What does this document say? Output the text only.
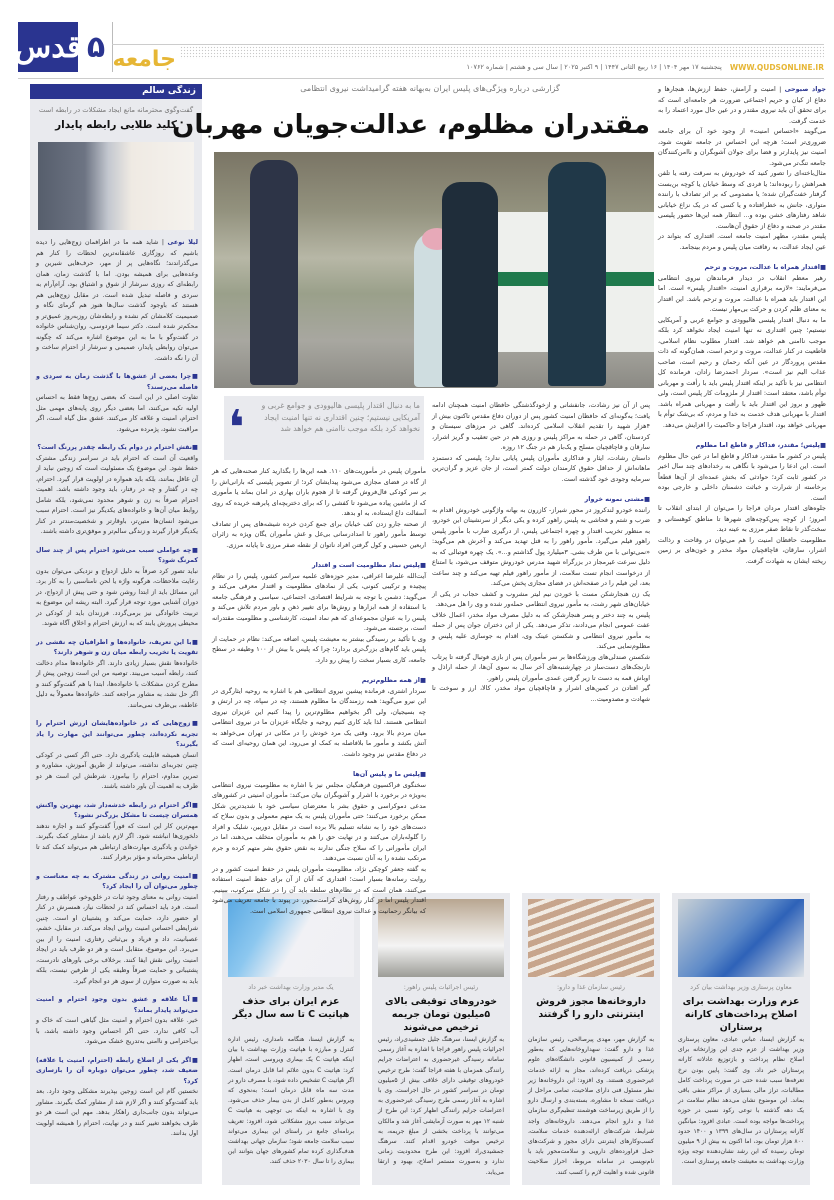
قدس ۵ جامعه	WWW.QUDSONLINE.IR
پنجشنبه ۱۷ مهر ۱۴۰۴ | ۱۶ ربیع الثانی ۱۴۴۷ | ۹ اکتبر ۲۰۲۵ | سال سی و هشتم | شماره ۱۰۷۶۲
زندگی سالم
گفت‌وگوی محترمانه مانع ایجاد مشکلات در رابطه است
کلید طلایی رابطه پایدار

لیلا نوعی | شاید همه ما در اطرافمان زوج‌هایی را دیده باشیم که روزگاری عاشقانه‌ترین لحظات را کنار هم می‌گذراندند؛ نگاه‌هایی پر از مهر، حرف‌هایی شیرین و وعده‌هایی برای همیشه بودن. اما با گذشت زمان، همان رابطه‌ای که روزی سرشار از شوق و اشتیاق بود، آرام‌آرام به سردی و فاصله تبدیل شده است. در مقابل زوج‌هایی هم هستند که باوجود گذشت سال‌ها هنوز هم گرمای نگاه و صمیمیت کلامشان کم نشده و رابطه‌شان روزبه‌روز عمیق‌تر و محکم‌تر شده است. دکتر سیما فردوسی، روان‌شناس خانواده در گفت‌وگو با ما به این موضوع اشاره می‌کند که چگونه می‌توان روابطی پایدار، صمیمی و سرشار از احترام ساخت و آن را نگه داشت.

■چرا بعضی از عشق‌ها با گذشت زمان به سردی و فاصله می‌رسند؟

تفاوت اصلی در این است که بعضی زوج‌ها فقط به احساس اولیه تکیه می‌کنند، اما بعضی دیگر روی پایه‌های مهمی مثل احترام، امنیت و علاقه کار می‌کنند. عشق مثل گیاه است، اگر مراقبت نشود، پژمرده می‌شود.

■نقش احترام در دوام یک رابطه چقدر پررنگ است؟

واقعیت آن است که احترام باید در سراسر زندگی مشترک حفظ شود. این موضوع یک مسئولیت است که زوجین نباید از آن غافل بمانند، بلکه باید همواره در اولویت قرار گیرد. احترام، چه در گفتار و چه در رفتار، باید وجود داشته باشد. اهمیت احترام صرفاً به زن و شوهر محدود نمی‌شود، بلکه شامل روابط میان آن‌ها و خانواده‌های یکدیگر نیز است. احترام سبب می‌شود انسان‌ها متین‌تر، باوقارتر و شخصیت‌مندتر در کنار یکدیگر قرار گیرند و زندگی سالم‌تر و موفق‌تری داشته باشند.

■چه عواملی سبب می‌شود احترام پس از چند سال کمرنگ شود؟

نباید تصور کرد صرفاً به دلیل ازدواج و نزدیکی می‌توان بدون رعایت ملاحظات، هرگونه واژه یا لحن نامناسبی را به کار برد. این مسائل باید از ابتدا روشن شود و حتی پیش از ازدواج، در دوران آشنایی مورد توجه قرار گیرد. البته ریشه این موضوع به تربیت خانوادگی نیز برمی‌گردد. فرزندان باید از کودکی در محیطی پرورش یابند که به ارزش احترام و اخلاق آگاه شوند.

■با این تعریف، خانواده‌ها و اطرافیان چه نقشی در تقویت یا تخریب رابطه میان زن و شوهر دارند؟

خانواده‌ها نقش بسیار زیادی دارند. اگر خانواده‌ها مدام دخالت کنند، رابطه آسیب می‌بیند. توصیه من این است زوجین پیش از مطرح کردن مشکلات با خانواده‌ها، ابتدا با هم گفت‌وگو کنند و اگر حل نشد، به مشاور مراجعه کنند. خانواده‌ها معمولاً به دلیل عاطفه، بی‌طرف نمی‌مانند.

■زوج‌هایی که در خانواده‌هایشان ارزش احترام را تجربه نکرده‌اند، چطور می‌توانند این مهارت را یاد بگیرند؟

انسان همیشه قابلیت یادگیری دارد. حتی اگر کسی در کودکی چنین تجربه‌ای نداشته، می‌تواند از طریق آموزش، مشاوره و تمرین مداوم، احترام را بیاموزد. شرطش این است هر دو طرف به اهمیت آن باور داشته باشند.

■اگر احترام در رابطه خدشه‌دار شد، بهترین واکنش همسران چیست تا مشکل بزرگ‌تر نشود؟

مهم‌ترین کار این است که فوراً گفت‌وگو کنند و اجازه ندهند دلخوری‌ها انباشته شود. اگر لازم باشد از مشاور کمک بگیرند. خواندن و یادگیری مهارت‌های ارتباطی هم می‌تواند کمک کند تا ارتباطی محترمانه و مؤثر برقرار کنند.

■امنیت روانی در زندگی مشترک به چه معناست و چطور می‌توان آن را ایجاد کرد؟

امنیت روانی به معنای وجود ثبات در خلق‌وخو، عواطف و رفتار است. فرد باید احساس کند در لحظات نیاز، همسرش در کنار او حضور دارد، حمایت می‌کند و پشتیبان او است. چنین شرایطی احساس امنیت روانی ایجاد می‌کند. در مقابل، خشم، عصبانیت، داد و فریاد و بی‌ثباتی رفتاری، امنیت را از بین می‌برد. این موضوع، متقابل است و هر دو طرف باید در ایجاد امنیت روانی نقش ایفا کنند. برخلاف برخی باورهای نادرست، پشتیبانی و حمایت صرفاً وظیفه یکی از طرفین نیست، بلکه باید به صورت متوازن از سوی هر دو انجام گیرد.

■آیا علاقه و عشق بدون وجود احترام و امنیت می‌تواند پایدار بماند؟

خیر. علاقه بدون احترام و امنیت مثل گیاهی است که خاک و آب کافی ندارد. حتی اگر احساس وجود داشته باشد، با بی‌احترامی و ناامنی به‌تدریج خشک می‌شود.

■اگر یکی از اضلاع رابطه (احترام، امنیت یا علاقه) ضعیف شد، چطور می‌توان دوباره آن را بازسازی کرد؟

نخستین گام این است زوجین بپذیرند مشکلی وجود دارد. بعد باید گفت‌وگو کنند و اگر لازم شد از مشاور کمک بگیرند. مشاور می‌تواند بدون جانب‌داری راهکار بدهد. مهم این است هر دو طرف بخواهند تغییر کنند و در نهایت، احترام را همیشه اولویت اول بدانند.

گزارشی درباره ویژگی‌های پلیس ایران به‌بهانه هفته گرامیداشت نیروی انتظامی
مقتدران مظلوم، عدالت‌جویان مهربان
❛	ما به دنبال اقتدار پلیسی هالیوودی و جوامع غربی و آمریکایی نیستیم؛ چنین اقتداری نه تنها امنیت ایجاد نخواهد کرد بلکه موجب ناامنی هم خواهد شد

جواد صبوحی | امنیت و آرامش، حفظ ارزش‌ها، هنجارها و دفاع از کیان و حریم اجتماعی ضرورت هر جامعه‌ای است که برای تحقق آن باید نیروی مقتدر و در عین حال مورد اعتماد را به خدمت گرفت.

می‌گویند «احساس امنیت» از وجود خود آن برای جامعه ضروری‌تر است؛ هرچه این احساس در جامعه تقویت شود، امنیت نیز پایدارتر و فضا برای جولان آشوبگران و ناامن‌کنندگان جامعه تنگ‌تر می‌شود.

مثال‌باخته‌ای را تصور کنید که خودروش به سرقت رفته یا تلفن همراهش را ربوده‌اند؛ یا فردی که وسط خیابان یا کوچه بن‌بست گرفتار خفت‌گیران شده؛ یا مصدومی که بر اثر تصادف با راننده متواری، جانش به خطرافتاده و یا کسی که در یک نزاع خیابانی شاهد رفتارهای خشن بوده و... انتظار همه این‌ها حضور پلیسی مقتدر در صحنه و دفاع از حقوق آن‌هاست.

پلیس مقتدر، مظهر امنیت جامعه است. اقتداری که بتواند در عین ایجاد عدالت، به رفاقت میان پلیس و مردم بینجامد.

■اقتدار همراه با عدالت، مروت و ترحم

رهبر معظم انقلاب در دیدار فرماندهان نیروی انتظامی می‌فرمایند: «لازمه برقراری امنیت، «اقتدار پلیس» است. اما این اقتدار باید همراه با عدالت، مروت و ترحم باشد. این اقتدار به معنای ظلم کردن و حرکت بی‌مهار نیست.

ما به دنبال اقتدار پلیسی هالیوودی و جوامع غربی و آمریکایی نیستیم؛ چنین اقتداری نه تنها امنیت ایجاد نخواهد کرد بلکه موجب ناامنی هم خواهد شد. اقتدار مطلوب نظام اسلامی، قاطعیت در کنار عدالت، مروت و ترحم است، همان‌گونه که ذات مقدس پروردگار در عین آنکه رحمان و رحیم است، صاحب عذاب الیم نیز است». سردار احمدرضا رادان، فرمانده کل انتظامی نیز با تأکید بر اینکه اقتدار پلیس باید با رأفت و مهربانی توأم باشد، معتقد است: اقتدار از ملزومات کار پلیس است، ولی ظهور و بروز این اقتدار باید با رأفت و مهربانی همراه باشد. اقتدار با مهربانی هدف خدمت به خدا و مردم، که بی‌شک توأم با مهربانی خواهد بود، اقتدار فراجا و حاکمیت را افزایش می‌دهد.

■پلیس؛ مقتدر، فداکار و قاطع اما مظلوم

پلیس در کشور ما مقتدر، فداکار و قاطع اما در عین حال مظلوم است. این ادعا را می‌شود با نگاهی به رخدادهای چند سال اخیر در کشور ثابت کرد؛ حوادثی که بخش عمده‌ای از آن‌ها قطعاً برخاسته از شرارت و خباثت دشمنان داخلی و خارجی بوده است.

جلوه‌های اقتدار مردان فراجا را می‌توان از ابتدای انقلاب تا امروز؛ از کوچه پس‌کوچه‌های شهرها تا مناطق کوهستانی و سخت‌گذر تا نقاط صفر مرزی به عینه دید.

مظلومیت حافظان امنیت را هم می‌توان در وقاحت و رذالت اشرار، سارقان، قاچاقچیان مواد مخدر و خون‌های بر زمین ریخته ایشان به شهادت گرفت.

پس از آن نیز رشادت، جانفشانی و ازخودگذشتگی حافظان امنیت همچنان ادامه یافت؛ به‌گونه‌ای که حافظان امنیت کشور پس از دوران دفاع مقدس تاکنون بیش از ۴هزار شهید را تقدیم انقلاب اسلامی کرده‌اند. گاهی در مرزهای سیستان و کردستان، گاهی در حمله به مراکز پلیس و روزی هم در حین تعقیب و گریز اشرار، سارقان و قاچاقچیان مسلح و یک‌بار هم در جنگ ۱۲ روزه.

داستان رشادت، ایثار و فداکاری مأموران پلیس پایانی ندارد؛ پلیسی که دستمزد ماهانه‌اش از حداقل حقوق کارمندان دولت کمتر است، از جان عزیز و گران‌ترین سرمایه وجودی خود گذشته است.

■مشتی نمونه خروار

راننده خودرو لندکروز در محور شیراز- کازرون به بهانه واژگونی خودروش اقدام به ضرب و شتم و فحاشی به پلیس راهور کرده و یکی دیگر از سرنشینان این خودرو، به منظور تخریب اقتدار و چهره اجتماعی پلیس، از درگیری ضارب با مأمور پلیس راهور فیلم می‌گیرد. مأمور راهور را به قتل تهدید می‌کند و آخرش هم می‌گوید: «نمی‌توانی با من طرف بشی. ۳میلیارد پول گذاشتم و...». یک چهره فوتبالی که به دلیل سرعت غیرمجاز در بزرگراه شهید مدرس خودروش متوقف می‌شود، با امتناع از درخواست انجام تست سلامت، از مأمور راهور فیلم تهیه می‌کند و چند ساعت بعد، این فیلم را در صفحه‌اش در فضای مجازی پخش می‌کند.

یک زن هنجارشکن مست با خوردن نیم لیتر مشروب و کشف حجاب در یکی از خیابان‌های شهر رشت، به مأمور نیروی انتظامی حمله‌ور شده و وی را هل می‌دهد.

پلیس به چند دختر و پسر هنجارشکن که به دلیل مصرف مواد مخدر، اعمال خلاف عفت عمومی انجام می‌دادند، تذکر می‌دهد. یکی از این دختران جوان پس از حمله به مأمور نیروی انتظامی و شکستن عینک وی، اقدام به جوسازی علیه پلیس و مظلوم‌نمایی می‌کند.

شکستن صندلی‌های ورزشگاه‌ها بر سر مأموران پس از بازی فوتبال گرفته تا پرتاب نارنجک‌های دست‌ساز در چهارشنبه‌های آخر سال به سوی آن‌ها، از حمله اراذل و اوباش قمه به دست تا زیر گرفتن عمدی مأموران پلیس راهور.

گیر افتادن در کمین‌های اشرار و قاچاقچیان مواد مخدر، کالا، ارز و سوخت تا شهادت و مصدومیت...

مأموران پلیس در مأموریت‌های ۱۱۰. همه این‌ها را بگذارید کنار صحنه‌هایی که هر از گاه در فضای مجازی می‌شود پیدایشان کرد؛ از تصویر پلیسی که بارانی‌اش را بر سر کودکی فال‌فروش گرفته تا از هجوم باران بهاری در امان بماند یا مأموری که از ماشین پیاده می‌شود تا کفشی را که برای دختربچه‌ای پابرهنه خریده که روی آسفالت داغ ایستاده، به او بدهد.

از صحنه جارو زدن کف خیابان برای جمع کردن خرده شیشه‌های پس از تصادف توسط مأمور راهور تا امدادرسانی بی‌غل و غش مأموران یگان ویژه به زائران اربعین حسینی و کول گرفتن افراد ناتوان از نقطه صفر مرزی تا پایانه مرزی.

■پلیس نماد مظلومیت است و اقتدار

آیت‌الله علیرضا اعرافی، مدیر حوزه‌های علمیه سراسر کشور، پلیس را در نظام پیچیده و ترکیبی کنونی، یکی از نمادهای مظلومیت و اقتدار معرفی می‌کند و می‌گوید: دشمن با توجه به شرایط اقتصادی، اجتماعی، سیاسی و فرهنگی جامعه با استفاده از همه ابزارها و روش‌ها برای تغییر ذهن و باور مردم تلاش می‌کند و پلیس را به عنوان مجموعه‌ای که هم نماد امنیت، کارشناسی و مظلومیت مقتدرانه است، برجسته می‌شود.

وی با تأکید بر رسیدگی بیشتر به معیشت پلیس، اضافه می‌کند: نظام در حمایت از پلیس باید گام‌های بزرگ‌تری بردارد؛ چرا که پلیس با بیش از ۱۰۰ وظیفه در سطح جامعه، کاری بسیار سخت را پیش رو دارد.

■از همه مظلوم‌تریم

سردار اشتری، فرمانده پیشین نیروی انتظامی هم با اشاره به روحیه ایثارگری در این نیرو می‌گوید: همه رزمندگان ما مظلوم هستند، چه در سپاه، چه در ارتش و چه بسیجیان، ولی اگر بخواهیم مظلوم‌ترین را پیدا کنیم این عزیزان نیروی انتظامی هستند. لذا باید کاری کنیم روحیه و جایگاه عزیزان ما در نیروی انتظامی میان مردم بالا برود. وقتی یک مرد خودش را در مکانی در تهران می‌خواهد به آتش بکشد و مأمور ما بلافاصله به کمک او می‌رود، این همان روحیه‌ای است که در دفاع مقدس نیز وجود داشت.

■پلیس ما و پلیس آن‌ها

سخنگوی فراکسیون فرهنگیان مجلس نیز با اشاره به مظلومیت نیروی انتظامی به‌ویژه در برخورد با اشرار و آشوبگران بیان می‌کند: مأموران امنیتی در کشورهای مدعی دموکراسی و حقوق بشر با معترضان سیاسی خود با شدیدترین شکل ممکن برخورد می‌کنند؛ حتی مأموران پلیس به یک متهم معمولی و بدون سلاح که دست‌های خود را به نشانه تسلیم بالا برده است در مقابل دوربین، شلیک و افراد را گلوله‌باران می‌کنند و در نهایت حق را هم به مأموران متخلف می‌دهند، اما در ایران مأمورانی را که سلاح جنگی ندارند به نقض حقوق بشر متهم کرده و جرم مرتکب نشده را به آنان نسبت می‌دهند.

به گفته جعفر کوچکی نژاد، مظلومیت مأموران پلیس در حفظ امنیت کشور و در روایت رسانه‌ها بسیار است؛ اقتداری که آنان از آن برای حفظ امنیت استفاده می‌کنند، همان است که در نظام‌های سلطه باید آن را در شکل سرکوب، ببینیم. اقتدار پلیس اما در کنار روش‌های کرامت‌محور، در پیوند با جامعه تعریف می‌شود که بیانگر رحمانیت و عدالت نیروی انتظامی جمهوری اسلامی است.

معاون پرستاری وزیر بهداشت بیان کرد
عزم وزارت بهداشت برای اصلاح پرداخت‌های کارانه پرستاران
به گزارش ایسنا، عباس عبادی، معاون پرستاری وزیر بهداشت از عزم جدی این وزارتخانه برای اصلاح نظام پرداخت و بازتوزیع عادلانه کارانه پرستاران خبر داد. وی گفت: پایین بودن نرخ تعرفه‌ها سبب شده حتی در صورت پرداخت کامل مطالبات، تراز مالی بسیاری از مراکز منفی باقی بماند. این موضوع نشان می‌دهد نظام سلامت در یک دهه گذشته با نوعی رکود نسبی در حوزه پرداخت‌ها مواجه بوده است. عبادی افزود: میانگین کارانه پرستاران در سال‌های ۱۳۹۹ و ۱۴۰۰ حدود ۸۰۰ هزار تومان بود، اما اکنون به بیش از ۹ میلیون تومان رسیده که این رشد نشان‌دهنده توجه ویژه وزارت بهداشت به معیشت جامعه پرستاری است.
رئیس سازمان غذا و دارو:
داروخانه‌ها مجوز فروش اینترنتی دارو را گرفتند
به گزارش مهر، مهدی پیرصالحی، رئیس سازمان غذا و دارو گفت: سهداروخانه‌هایی که به‌طور رسمی از کمیسیون قانونی دانشگاه‌های علوم پزشکی دریافت کرده‌اند، مجاز به ارائه خدمات غیرحضوری هستند. وی افزود: این داروخانه‌ها زیر نظر مسئول فنی دارای صلاحیت، تمامی مراحل از دریافت نسخه تا مشاوره، بسته‌بندی و ارسال دارو را از طریق زیرساخت هوشمند تنظیم‌گری سازمان غذا و دارو انجام می‌دهند. داروخانه‌های واجد شرایط، شرکت‌های ارائه‌دهنده خدمات سلامت، کسب‌وکارهای اینترنتی دارای مجوز و شرکت‌های حمل فراورده‌های دارویی و سلامت‌محور باید با نام‌نویسی در سامانه مربوط، احراز صلاحیت قانونی شده و اهلیت لازم را کسب کنند.
رئیس اجرائیات پلیس راهور:
خودروهای توقیفی بالای ۵میلیون تومان جریمه ترخیص می‌شوند
به گزارش ایسنا، سرهنگ جلیل جمشیدی‌راد، رئیس اجرائیات پلیس راهور فراجا با اشاره به آغاز رسمی سامانه رسیدگی غیرحضوری به اعتراضات جرایم رانندگی همزمان با هفته فراجا گفت: طرح ترخیص خودروهای توقیفی دارای خلافی بیش از ۵میلیون تومان در سراسر کشور در حال اجراست. وی با اشاره به آغاز رسمی طرح رسیدگی غیرحضوری به اعتراضات جرایم رانندگی اظهار کرد: این طرح از شنبه ۱۲ مهر به صورت آزمایشی آغاز شد و مالکان می‌توانند با پرداخت بخشی از مبلغ جریمه، به ترخیص موقت خودرو اقدام کنند. سرهنگ جمشیدی‌راد افزود: این طرح محدودیت زمانی ندارد و به‌صورت مستمر اصلاح، بهبود و ارتقا می‌یابد.
یک مدیر وزارت بهداشت خبر داد
عزم ایران برای حذف هپاتیت C تا سه سال دیگر
به گزارش ایسنا، هنگامه نامداری، رئیس اداره کنترل و مبارزه با هپاتیت وزارت بهداشت با بیان اینکه هپاتیت C یک بیماری ویروسی است، اظهار کرد: هپاتیت C بدون علائم اما قابل درمان است. اگر هپاتیت C تشخیص داده شود، با مصرف دارو در مدت سه ماه قابل درمان است؛ به‌نحوی که ویروس به‌طور کامل از بدن بیمار حذف می‌شود. وی با اشاره به اینکه بی توجهی به هپاتیت C می‌تواند سبب بروز مشکلاتی شود، افزود: تعریف برنامه‌ای جامع در راستای این بیماری می‌تواند سبب سلامت جامعه شود؛ سازمان جهانی بهداشت هدف‌گذاری کرده تمام کشورهای جهان بتوانند این بیماری را تا سال ۲۰۳۰ حذف کنند.
